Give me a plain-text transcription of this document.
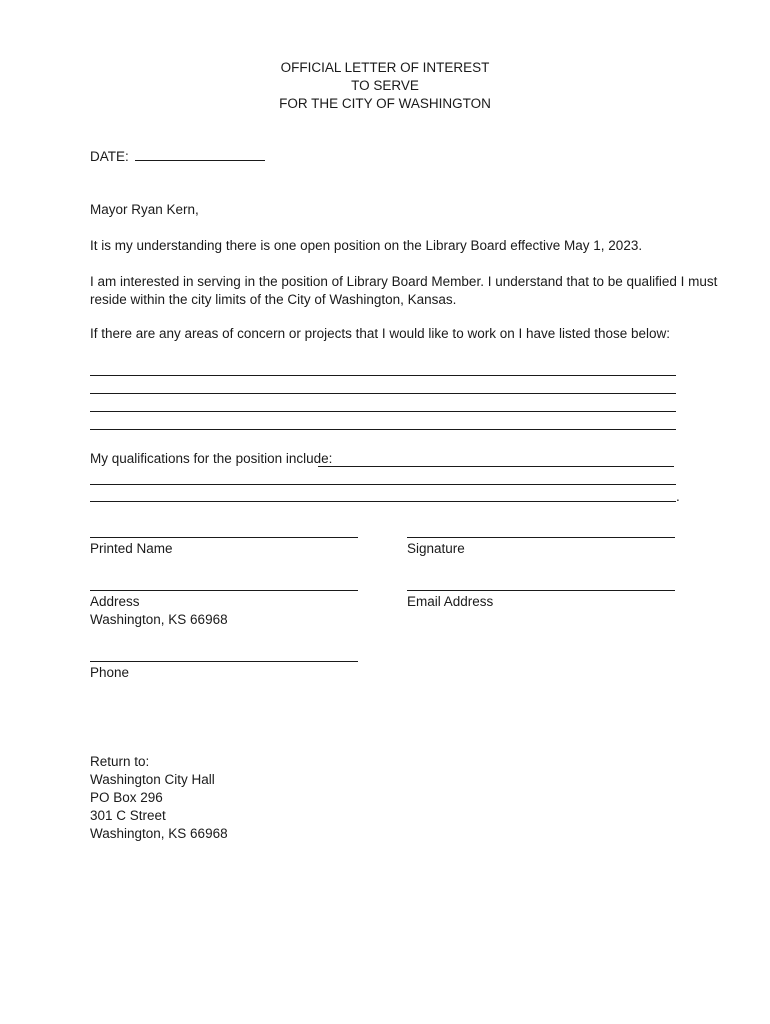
OFFICIAL LETTER OF INTEREST
TO SERVE
FOR THE CITY OF WASHINGTON
DATE:
Mayor Ryan Kern,
It is my understanding there is one open position on the Library Board effective May 1, 2023.
I am interested in serving in the position of Library Board Member. I understand that to be qualified I must
reside within the city limits of the City of Washington, Kansas.
If there are any areas of concern or projects that I would like to work on I have listed those below:
My qualifications for the position include:
.
Printed Name	Signature
Address
Washington, KS 66968
Email Address
Phone
Return to:
Washington City Hall
PO Box 296
301 C Street
Washington, KS 66968
